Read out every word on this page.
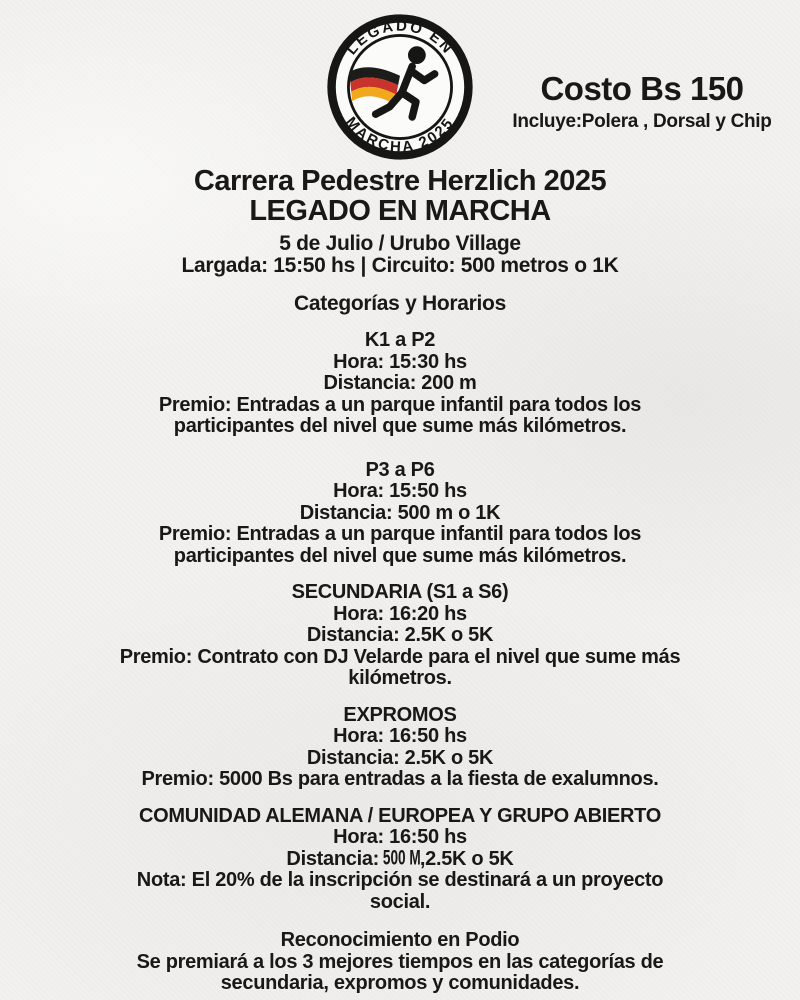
LEGADO EN
MARCHA 2025
Costo Bs 150
Incluye:Polera , Dorsal y Chip
Carrera Pedestre Herzlich 2025
LEGADO EN MARCHA
5 de Julio / Urubo Village
Largada: 15:50 hs | Circuito: 500 metros o 1K
Categorías y Horarios
K1 a P2
Hora: 15:30 hs
Distancia: 200 m
Premio: Entradas a un parque infantil para todos los
participantes del nivel que sume más kilómetros.
P3 a P6
Hora: 15:50 hs
Distancia: 500 m o 1K
Premio: Entradas a un parque infantil para todos los
participantes del nivel que sume más kilómetros.
SECUNDARIA (S1 a S6)
Hora: 16:20 hs
Distancia: 2.5K o 5K
Premio: Contrato con DJ Velarde para el nivel que sume más
kilómetros.
EXPROMOS
Hora: 16:50 hs
Distancia: 2.5K o 5K
Premio: 5000 Bs para entradas a la fiesta de exalumnos.
COMUNIDAD ALEMANA / EUROPEA Y GRUPO ABIERTO
Hora: 16:50 hs
Distancia: 500 M,2.5K o 5K
Nota: El 20% de la inscripción se destinará a un proyecto
social.
Reconocimiento en Podio
Se premiará a los 3 mejores tiempos en las categorías de
secundaria, expromos y comunidades.
